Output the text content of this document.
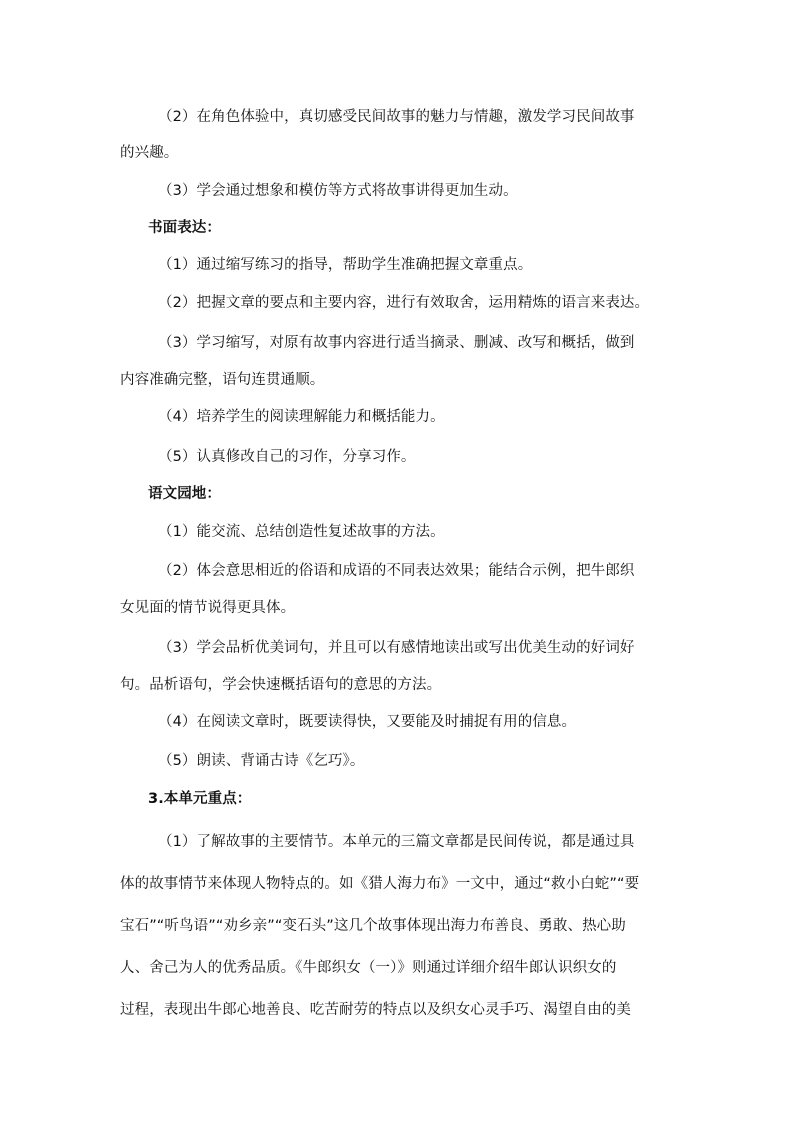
（2）在角色体验中，真切感受民间故事的魅力与情趣，激发学习民间故事
的兴趣。
（3）学会通过想象和模仿等方式将故事讲得更加生动。
书面表达：
（1）通过缩写练习的指导，帮助学生准确把握文章重点。
（2）把握文章的要点和主要内容，进行有效取舍，运用精炼的语言来表达。
（3）学习缩写，对原有故事内容进行适当摘录、删减、改写和概括，做到
内容准确完整，语句连贯通顺。
（4）培养学生的阅读理解能力和概括能力。
（5）认真修改自己的习作，分享习作。
语文园地：
（1）能交流、总结创造性复述故事的方法。
（2）体会意思相近的俗语和成语的不同表达效果；能结合示例，把牛郎织
女见面的情节说得更具体。
（3）学会品析优美词句，并且可以有感情地读出或写出优美生动的好词好
句。品析语句，学会快速概括语句的意思的方法。
（4）在阅读文章时，既要读得快，又要能及时捕捉有用的信息。
（5）朗读、背诵古诗《乞巧》。
3.本单元重点：
（1）了解故事的主要情节。本单元的三篇文章都是民间传说，都是通过具
体的故事情节来体现人物特点的。如《猎人海力布》一文中，通过“救小白蛇”“要
宝石”“听鸟语”“劝乡亲”“变石头”这几个故事体现出海力布善良、勇敢、热心助
人、舍己为人的优秀品质。《牛郎织女（一）》则通过详细介绍牛郎认识织女的
过程，表现出牛郎心地善良、吃苦耐劳的特点以及织女心灵手巧、渴望自由的美
